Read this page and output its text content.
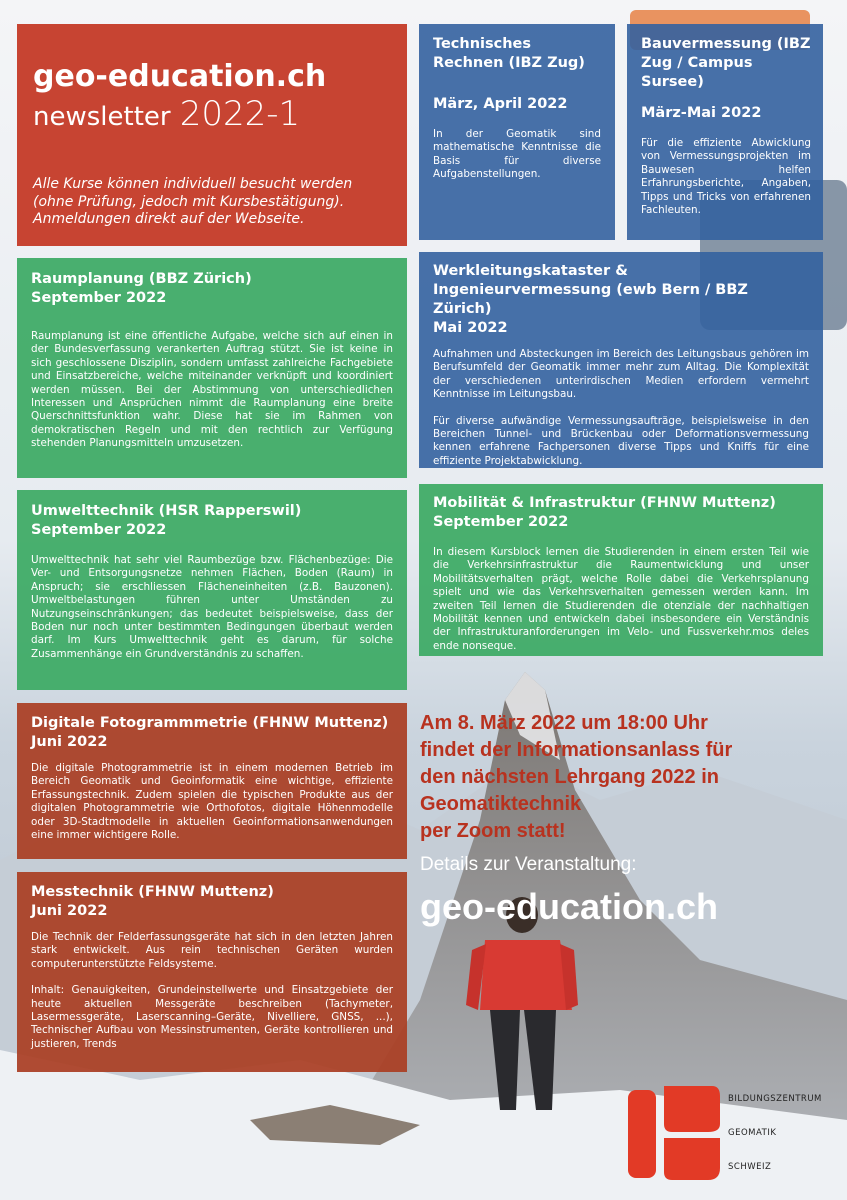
geo-education.ch
newsletter 2022-1
Alle Kurse können individuell besucht werden (ohne Prüfung, jedoch mit Kursbestätigung). Anmeldungen direkt auf der Webseite.
Technisches Rechnen (IBZ Zug)
März, April 2022

In der Geomatik sind mathematische Kenntnisse die Basis für diverse Aufgabenstellungen.

Bauvermessung (IBZ Zug / Campus Sursee)
März-Mai 2022

Für die effiziente Abwicklung von Vermessungsprojekten im Bauwesen helfen Erfahrungsberichte, Angaben, Tipps und Tricks von erfahrenen Fachleuten.

Raumplanung (BBZ Zürich)
September 2022

Raumplanung ist eine öffentliche Aufgabe, welche sich auf einen in der Bundesverfassung verankerten Auftrag stützt. Sie ist keine in sich geschlossene Disziplin, sondern umfasst zahlreiche Fachgebiete und Einsatzbereiche, welche miteinander verknüpft und koordiniert werden müssen. Bei der Abstimmung von unterschiedlichen Interessen und Ansprüchen nimmt die Raumplanung eine breite Querschnittsfunktion wahr. Diese hat sie im Rahmen von demokratischen Regeln und mit den rechtlich zur Verfügung stehenden Planungsmitteln umzusetzen.

Werkleitungskataster & Ingenieurvermessung (ewb Bern / BBZ Zürich)
Mai 2022

Aufnahmen und Absteckungen im Bereich des Leitungsbaus gehören im Berufsumfeld der Geomatik immer mehr zum Alltag. Die Komplexität der verschiedenen unterirdischen Medien erfordern vermehrt Kenntnisse im Leitungsbau.

Für diverse aufwändige Vermessungsaufträge, beispielsweise in den Bereichen Tunnel- und Brückenbau oder Deformationsvermessung kennen erfahrene Fachpersonen diverse Tipps und Kniffs für eine effiziente Projektabwicklung.

Umwelttechnik (HSR Rapperswil)
September 2022

Umwelttechnik hat sehr viel Raumbezüge bzw. Flächenbezüge: Die Ver- und Entsorgungsnetze nehmen Flächen, Boden (Raum) in Anspruch; sie erschliessen Flächeneinheiten (z.B. Bauzonen). Umweltbelastungen führen unter Umständen zu Nutzungseinschränkungen; das bedeutet beispielsweise, dass der Boden nur noch unter bestimmten Bedingungen überbaut werden darf. Im Kurs Umwelttechnik geht es darum, für solche Zusammenhänge ein Grundverständnis zu schaffen.

Mobilität & Infrastruktur (FHNW Muttenz)
September 2022

In diesem Kursblock lernen die Studierenden in einem ersten Teil wie die Verkehrsinfrastruktur die Raumentwicklung und unser Mobilitätsverhalten prägt, welche Rolle dabei die Verkehrsplanung spielt und wie das Verkehrsverhalten gemessen werden kann. Im zweiten Teil lernen die Studierenden die otenziale der nachhaltigen Mobilität kennen und entwickeln dabei insbesondere ein Verständnis der Infrastrukturanforderungen im Velo- und Fussverkehr.mos deles ende nonseque.

Digitale Fotogrammmetrie (FHNW Muttenz)
Juni 2022

Die digitale Photogrammetrie ist in einem modernen Betrieb im Bereich Geomatik und Geoinformatik eine wichtige, effiziente Erfassungstechnik. Zudem spielen die typischen Produkte aus der digitalen Photogrammetrie wie Orthofotos, digitale Höhenmodelle oder 3D-Stadtmodelle in aktuellen Geoinformationsanwendungen eine immer wichtigere Rolle.

Messtechnik (FHNW Muttenz)
Juni 2022

Die Technik der Felderfassungsgeräte hat sich in den letzten Jahren stark entwickelt. Aus rein technischen Geräten wurden computerunterstützte Feldsysteme.

Inhalt: Genauigkeiten, Grundeinstellwerte und Einsatzgebiete der heute aktuellen Messgeräte beschreiben (Tachymeter, Lasermessgeräte, Laserscanning–Geräte, Nivelliere, GNSS, ...), Technischer Aufbau von Messinstrumenten, Geräte kontrollieren und justieren, Trends

Am 8. März 2022 um 18:00 Uhr
findet der Informationsanlass für
den nächsten Lehrgang 2022 in
Geomatiktechnik
per Zoom statt!
Details zur Veranstaltung:
geo-education.ch
BILDUNGSZENTRUM
GEOMATIK
SCHWEIZ
